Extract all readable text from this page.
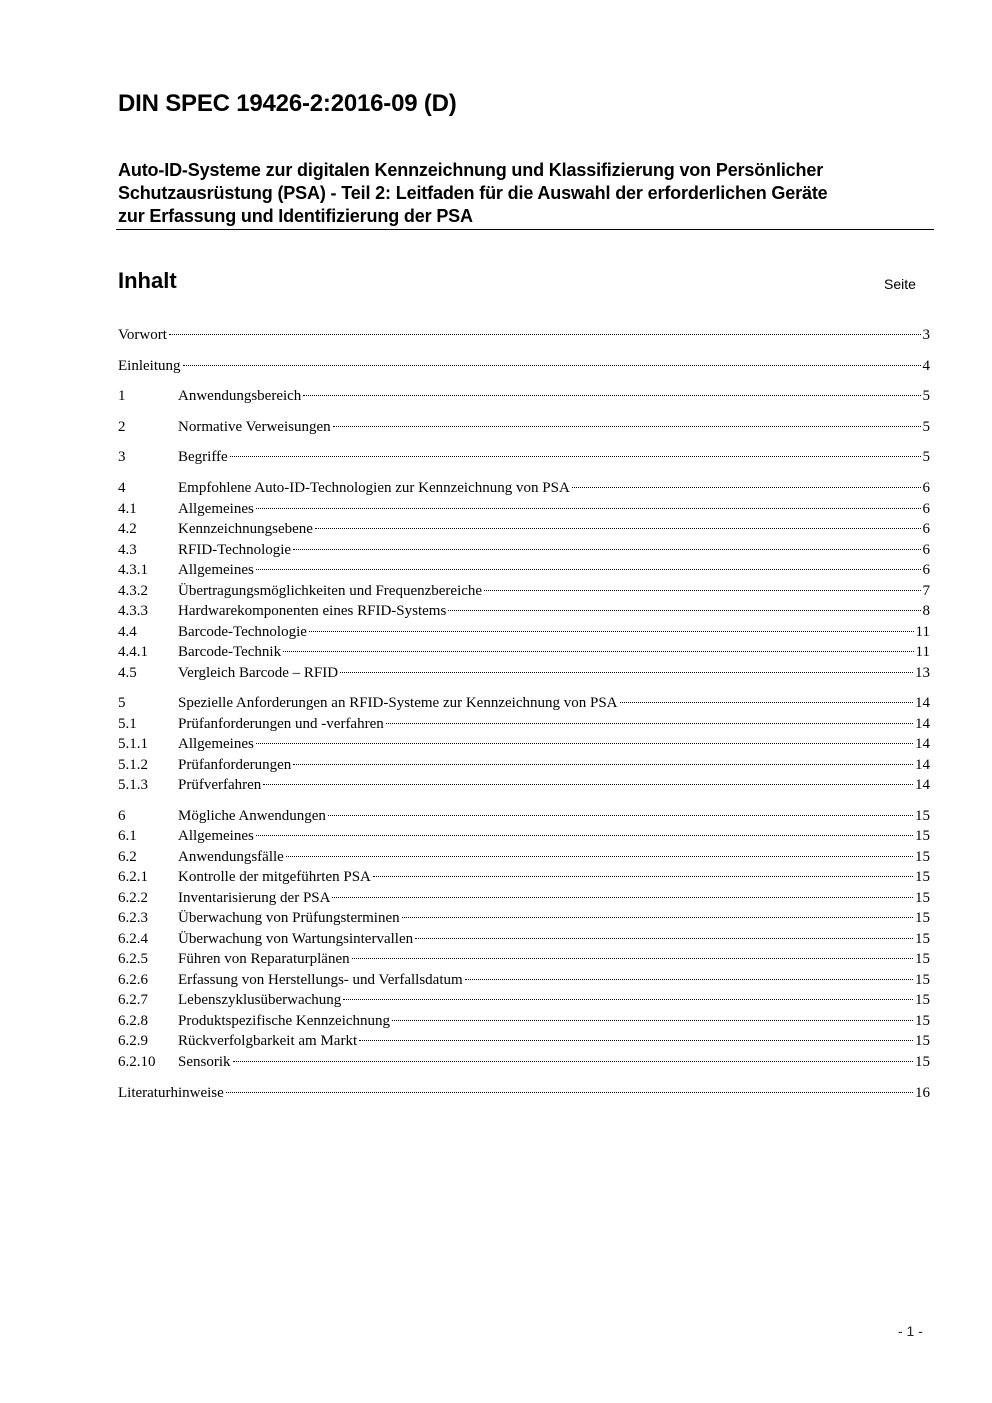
DIN SPEC 19426-2:2016-09 (D)
Auto-ID-Systeme zur digitalen Kennzeichnung und Klassifizierung von Persönlicher
Schutzausrüstung (PSA) - Teil 2: Leitfaden für die Auswahl der erforderlichen Geräte
zur Erfassung und Identifizierung der PSA
Inhalt	Seite
Vorwort	3
Einleitung	4
1	Anwendungsbereich	5
2	Normative Verweisungen	5
3	Begriffe	5
4	Empfohlene Auto-ID-Technologien zur Kennzeichnung von PSA	6
4.1	Allgemeines	6
4.2	Kennzeichnungsebene	6
4.3	RFID-Technologie	6
4.3.1	Allgemeines	6
4.3.2	Übertragungsmöglichkeiten und Frequenzbereiche	7
4.3.3	Hardwarekomponenten eines RFID-Systems	8
4.4	Barcode-Technologie	11
4.4.1	Barcode-Technik	11
4.5	Vergleich Barcode – RFID	13
5	Spezielle Anforderungen an RFID-Systeme zur Kennzeichnung von PSA	14
5.1	Prüfanforderungen und -verfahren	14
5.1.1	Allgemeines	14
5.1.2	Prüfanforderungen	14
5.1.3	Prüfverfahren	14
6	Mögliche Anwendungen	15
6.1	Allgemeines	15
6.2	Anwendungsfälle	15
6.2.1	Kontrolle der mitgeführten PSA	15
6.2.2	Inventarisierung der PSA	15
6.2.3	Überwachung von Prüfungsterminen	15
6.2.4	Überwachung von Wartungsintervallen	15
6.2.5	Führen von Reparaturplänen	15
6.2.6	Erfassung von Herstellungs- und Verfallsdatum	15
6.2.7	Lebenszyklusüberwachung	15
6.2.8	Produktspezifische Kennzeichnung	15
6.2.9	Rückverfolgbarkeit am Markt	15
6.2.10	Sensorik	15
Literaturhinweise	16
- 1 -
